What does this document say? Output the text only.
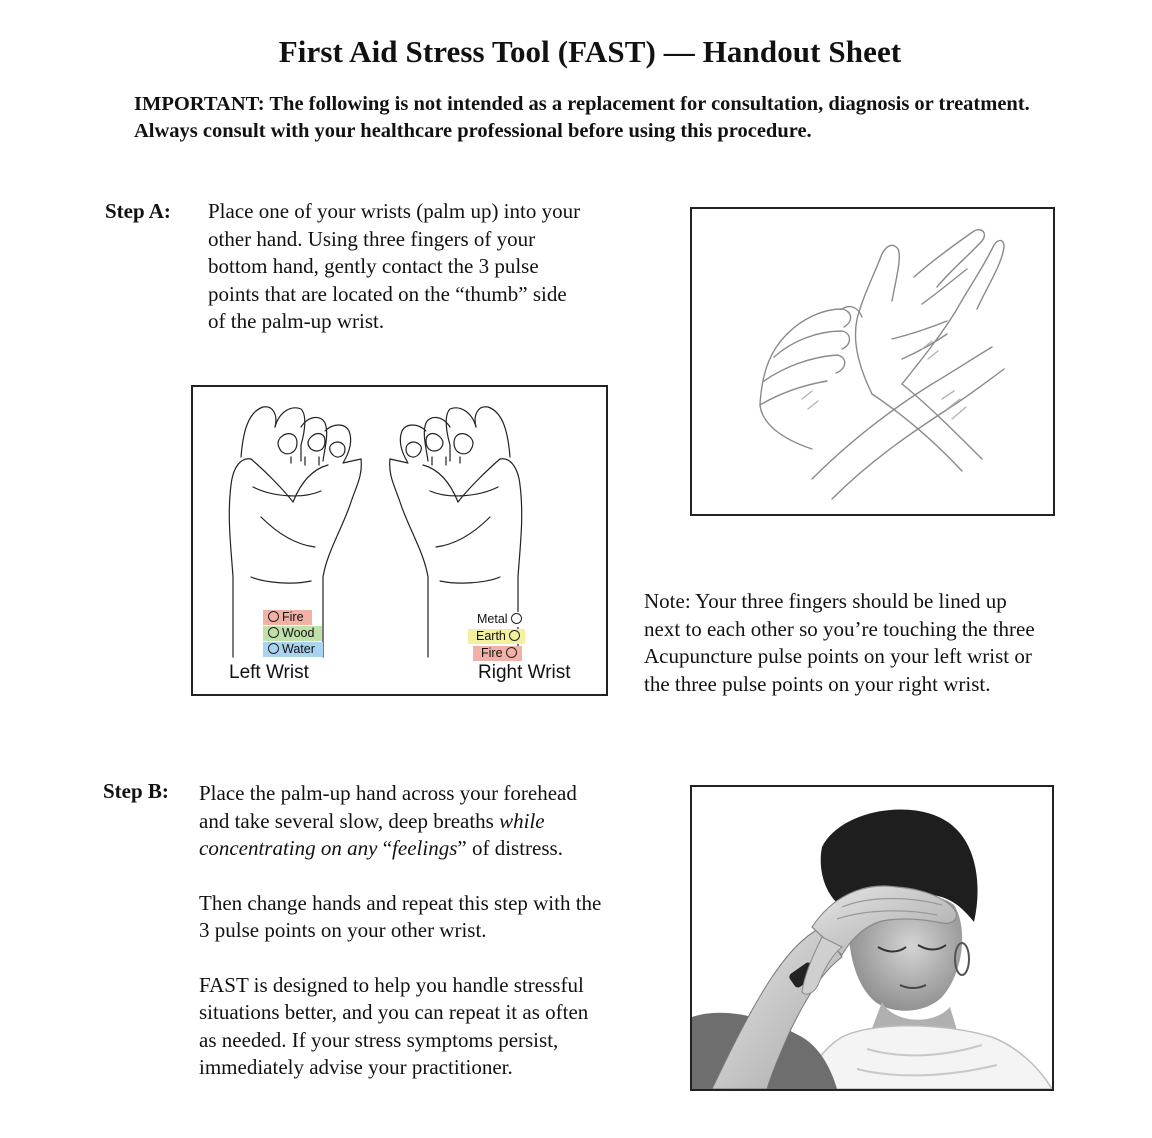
First Aid Stress Tool (FAST) — Handout Sheet
IMPORTANT: The following is not intended as a replacement for consultation, diagnosis or treatment. Always consult with your healthcare professional before using this procedure.
Step A: Place one of your wrists (palm up) into your
other hand. Using three fingers of your
bottom hand, gently contact the 3 pulse
points that are located on the “thumb” side
of the palm-up wrist.
Fire
Wood
Water
Left Wrist
Metal
Earth
Fire
Right Wrist
Note: Your three fingers should be lined up
next to each other so you’re touching the three
Acupuncture pulse points on your left wrist or
the three pulse points on your right wrist.
Step B: Place the palm-up hand across your forehead
and take several slow, deep breaths while
concentrating on any “feelings” of distress.

Then change hands and repeat this step with the
3 pulse points on your other wrist.

FAST is designed to help you handle stressful
situations better, and you can repeat it as often
as needed. If your stress symptoms persist,
immediately advise your practitioner.
